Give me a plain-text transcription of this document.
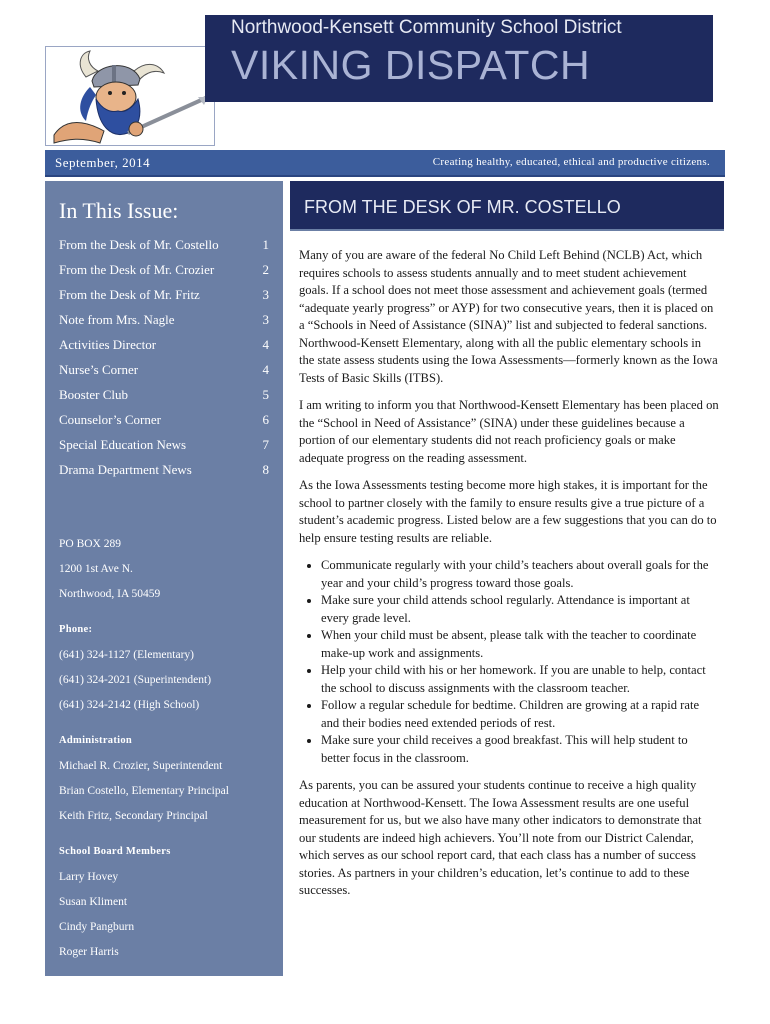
Northwood-Kensett Community School District
VIKING DISPATCH
September, 2014	Creating healthy, educated, ethical and productive citizens.
In This Issue:
From the Desk of Mr. Costello	1
From the Desk of Mr. Crozier	2
From the Desk of Mr. Fritz	3
Note from Mrs. Nagle	3
Activities Director	4
Nurse’s Corner	4
Booster Club	5
Counselor’s Corner	6
Special Education News	7
Drama Department News	8
PO BOX 289
1200 1st Ave N.
Northwood, IA 50459
Phone:
(641) 324-1127 (Elementary)
(641) 324-2021 (Superintendent)
(641) 324-2142 (High School)
Administration
Michael R. Crozier, Superintendent
Brian Costello, Elementary Principal
Keith Fritz, Secondary Principal
School Board Members
Larry Hovey
Susan Kliment
Cindy Pangburn
Roger Harris
FROM THE DESK OF MR. COSTELLO

Many of you are aware of the federal No Child Left Behind (NCLB) Act, which requires schools to assess students annually and to meet student achievement goals. If a school does not meet those assessment and achievement goals (termed “adequate yearly progress” or AYP) for two consecutive years, then it is placed on a “Schools in Need of Assistance (SINA)” list and subjected to federal sanctions. Northwood-Kensett Elementary, along with all the public elementary schools in the state assess students using the Iowa Assessments—formerly known as the Iowa Tests of Basic Skills (ITBS).

I am writing to inform you that Northwood-Kensett Elementary has been placed on the “School in Need of Assistance” (SINA) under these guidelines because a portion of our elementary students did not reach proficiency goals or make adequate progress on the reading assessment.

As the Iowa Assessments testing become more high stakes, it is important for the school to partner closely with the family to ensure results give a true picture of a student’s academic progress. Listed below are a few suggestions that you can do to help ensure testing results are reliable.

• Communicate regularly with your child’s teachers about overall goals for the year and your child’s progress toward those goals.
• Make sure your child attends school regularly. Attendance is important at every grade level.
• When your child must be absent, please talk with the teacher to coordinate make-up work and assignments.
• Help your child with his or her homework. If you are unable to help, contact the school to discuss assignments with the classroom teacher.
• Follow a regular schedule for bedtime. Children are growing at a rapid rate and their bodies need extended periods of rest.
• Make sure your child receives a good breakfast. This will help student to better focus in the classroom.

As parents, you can be assured your students continue to receive a high quality education at Northwood-Kensett. The Iowa Assessment results are one useful measurement for us, but we also have many other indicators to demonstrate that our students are indeed high achievers. You’ll note from our District Calendar, which serves as our school report card, that each class has a number of success stories. As partners in your children’s education, let’s continue to add to these successes.
